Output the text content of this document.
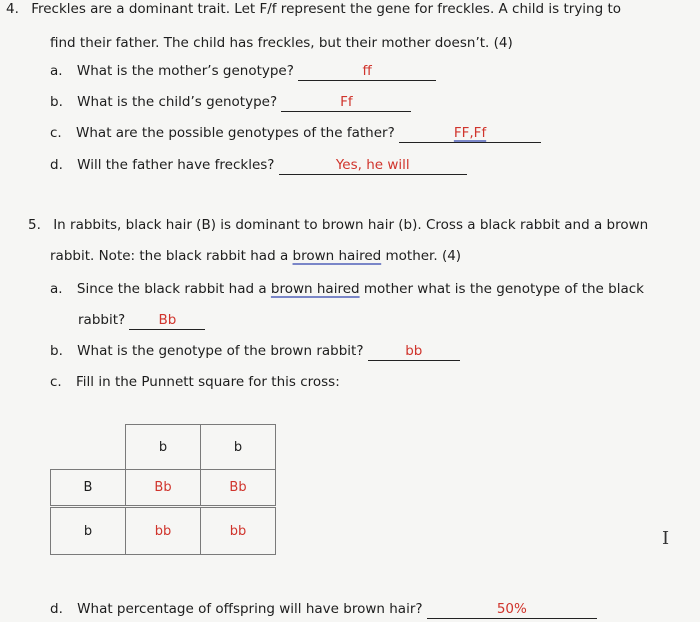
4. Freckles are a dominant trait. Let F/f represent the gene for freckles. A child is trying to
find their father. The child has freckles, but their mother doesn’t. (4)
a. What is the mother’s genotype?	ff
b. What is the child’s genotype?	Ff
c. What are the possible genotypes of the father?	FF,Ff
d. Will the father have freckles?	Yes, he will
5. In rabbits, black hair (B) is dominant to brown hair (b). Cross a black rabbit and a brown
rabbit. Note: the black rabbit had a brown haired mother. (4)
a. Since the black rabbit had a brown haired mother what is the genotype of the black
rabbit? Bb
b. What is the genotype of the brown rabbit?	bb
c. Fill in the Punnett square for this cross:
	b	b
B	Bb	Bb
b	bb	bb	I
d. What percentage of offspring will have brown hair?	50%
